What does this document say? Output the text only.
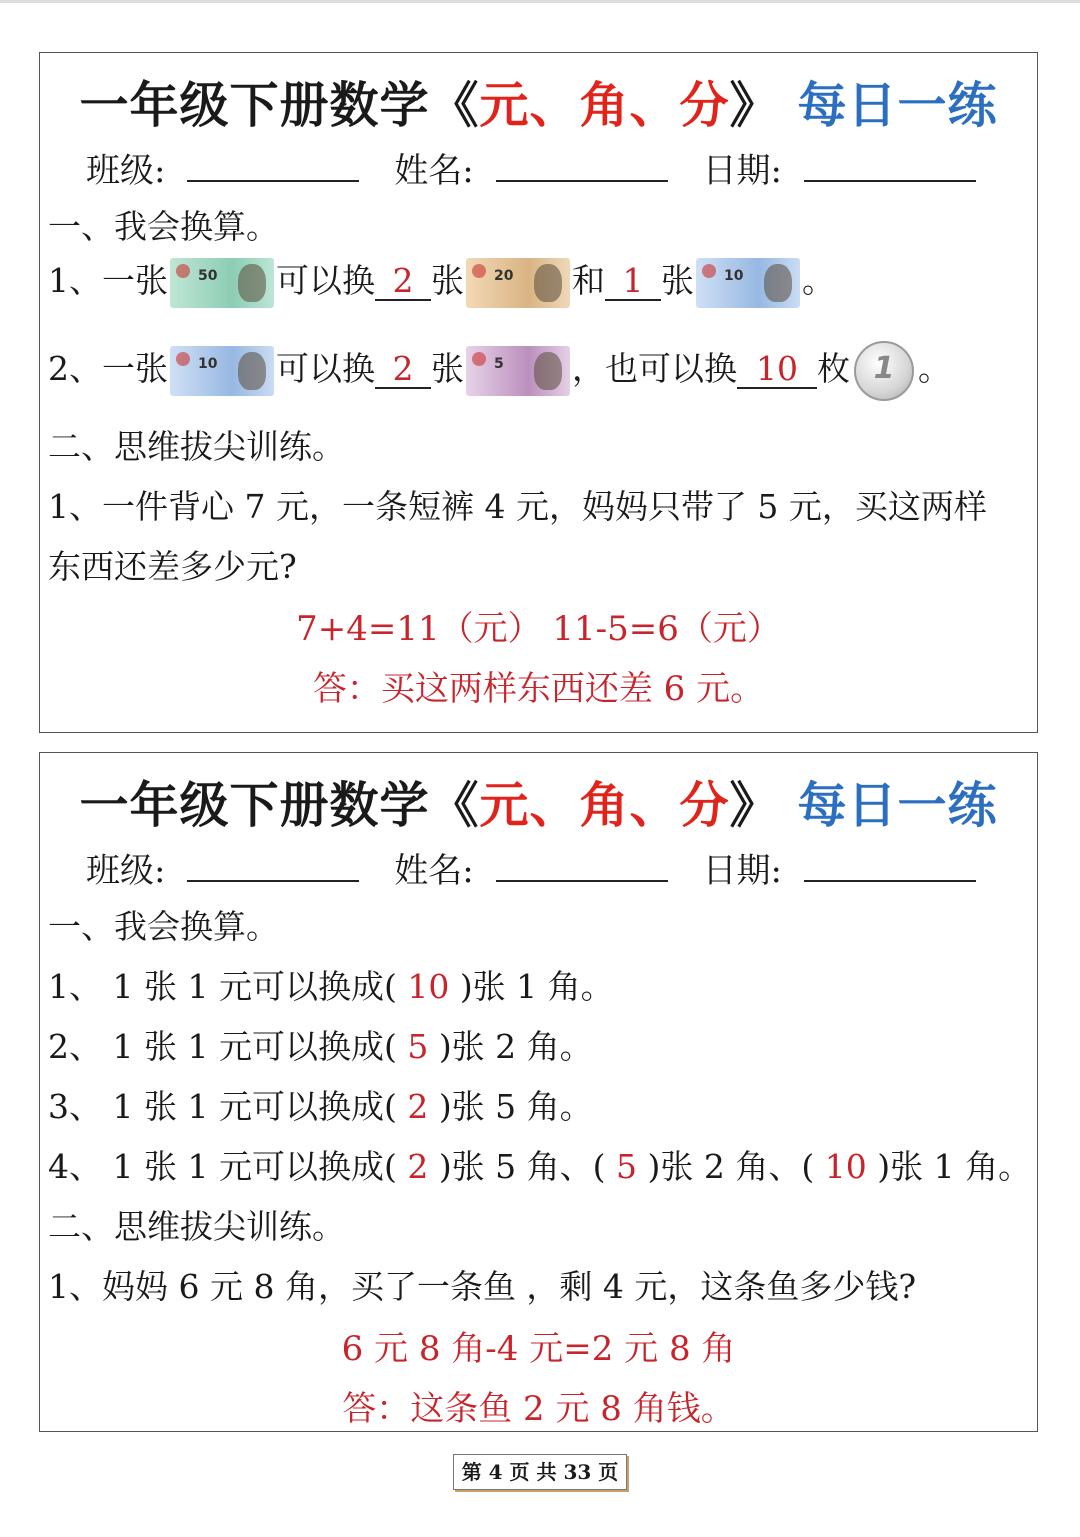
一年级下册数学《元、角、分》 每日一练
班级:	姓名:	日期:
一、我会换算。
1、一张 50 可以换 2 张 20 和 1 张 10 。
2、一张 10 可以换 2 张 5 ，也可以换 10 枚 1 。
二、思维拔尖训练。
1、一件背心 7 元，一条短裤 4 元，妈妈只带了 5 元，买这两样
东西还差多少元?
7+4=11（元） 11-5=6（元）
答：买这两样东西还差 6 元。
一年级下册数学《元、角、分》 每日一练
班级:	姓名:	日期:
一、我会换算。
1、 1 张 1 元可以换成( 10 )张 1 角。
2、 1 张 1 元可以换成( 5 )张 2 角。
3、 1 张 1 元可以换成( 2 )张 5 角。
4、 1 张 1 元可以换成( 2 )张 5 角、( 5 )张 2 角、( 10 )张 1 角。
二、思维拔尖训练。
1、妈妈 6 元 8 角，买了一条鱼 ，剩 4 元，这条鱼多少钱?
6 元 8 角-4 元=2 元 8 角
答：这条鱼 2 元 8 角钱。
第 4 页 共 33 页
